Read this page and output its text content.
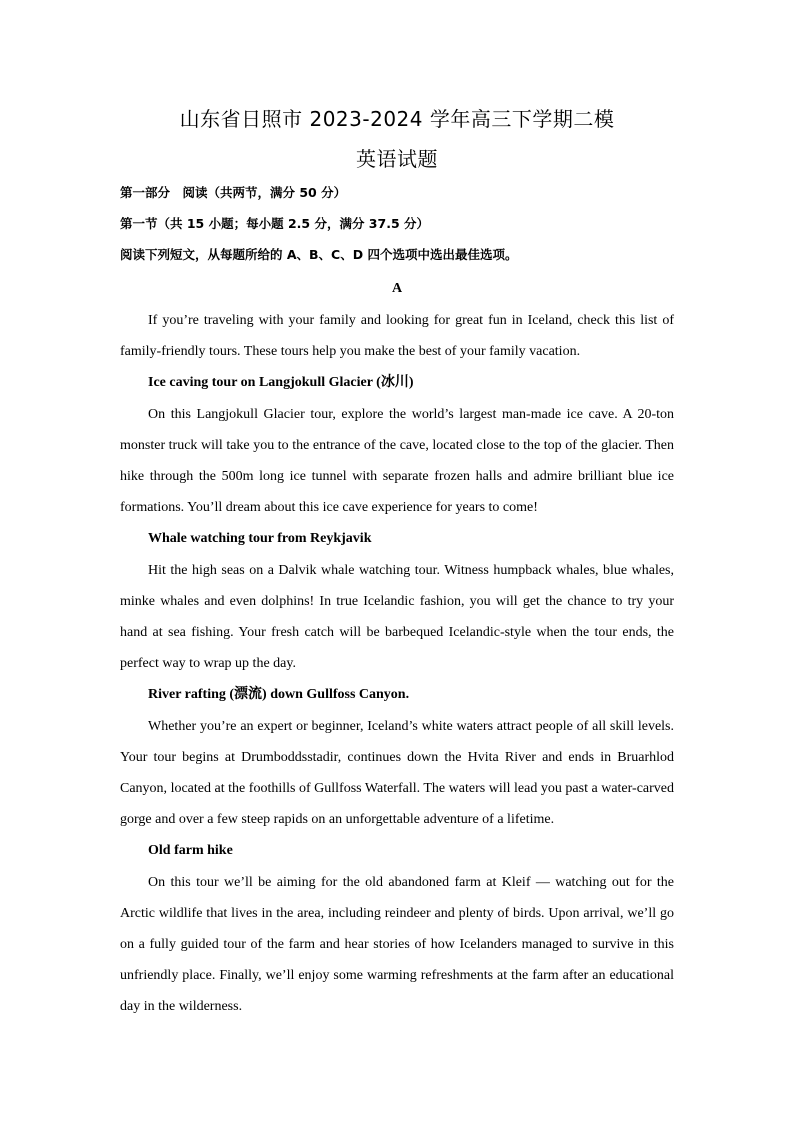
山东省日照市 2023-2024 学年高三下学期二模
英语试题
第一部分　阅读（共两节，满分 50 分）
第一节（共 15 小题；每小题 2.5 分，满分 37.5 分）
阅读下列短文，从每题所给的 A、B、C、D 四个选项中选出最佳选项。
A

If you’re traveling with your family and looking for great fun in Iceland, check this list of family-friendly tours. These tours help you make the best of your family vacation.

Ice caving tour on Langjokull Glacier (冰川)

On this Langjokull Glacier tour, explore the world’s largest man-made ice cave. A 20-ton monster truck will take you to the entrance of the cave, located close to the top of the glacier. Then hike through the 500m long ice tunnel with separate frozen halls and admire brilliant blue ice formations. You’ll dream about this ice cave experience for years to come!

Whale watching tour from Reykjavik

Hit the high seas on a Dalvik whale watching tour. Witness humpback whales, blue whales, minke whales and even dolphins! In true Icelandic fashion, you will get the chance to try your hand at sea fishing. Your fresh catch will be barbequed Icelandic-style when the tour ends, the perfect way to wrap up the day.

River rafting (漂流) down Gullfoss Canyon.

Whether you’re an expert or beginner, Iceland’s white waters attract people of all skill levels. Your tour begins at Drumboddsstadir, continues down the Hvita River and ends in Bruarhlod Canyon, located at the foothills of Gullfoss Waterfall. The waters will lead you past a water-carved gorge and over a few steep rapids on an unforgettable adventure of a lifetime.

Old farm hike

On this tour we’ll be aiming for the old abandoned farm at Kleif — watching out for the Arctic wildlife that lives in the area, including reindeer and plenty of birds. Upon arrival, we’ll go on a fully guided tour of the farm and hear stories of how Icelanders managed to survive in this unfriendly place. Finally, we’ll enjoy some warming refreshments at the farm after an educational day in the wilderness.
